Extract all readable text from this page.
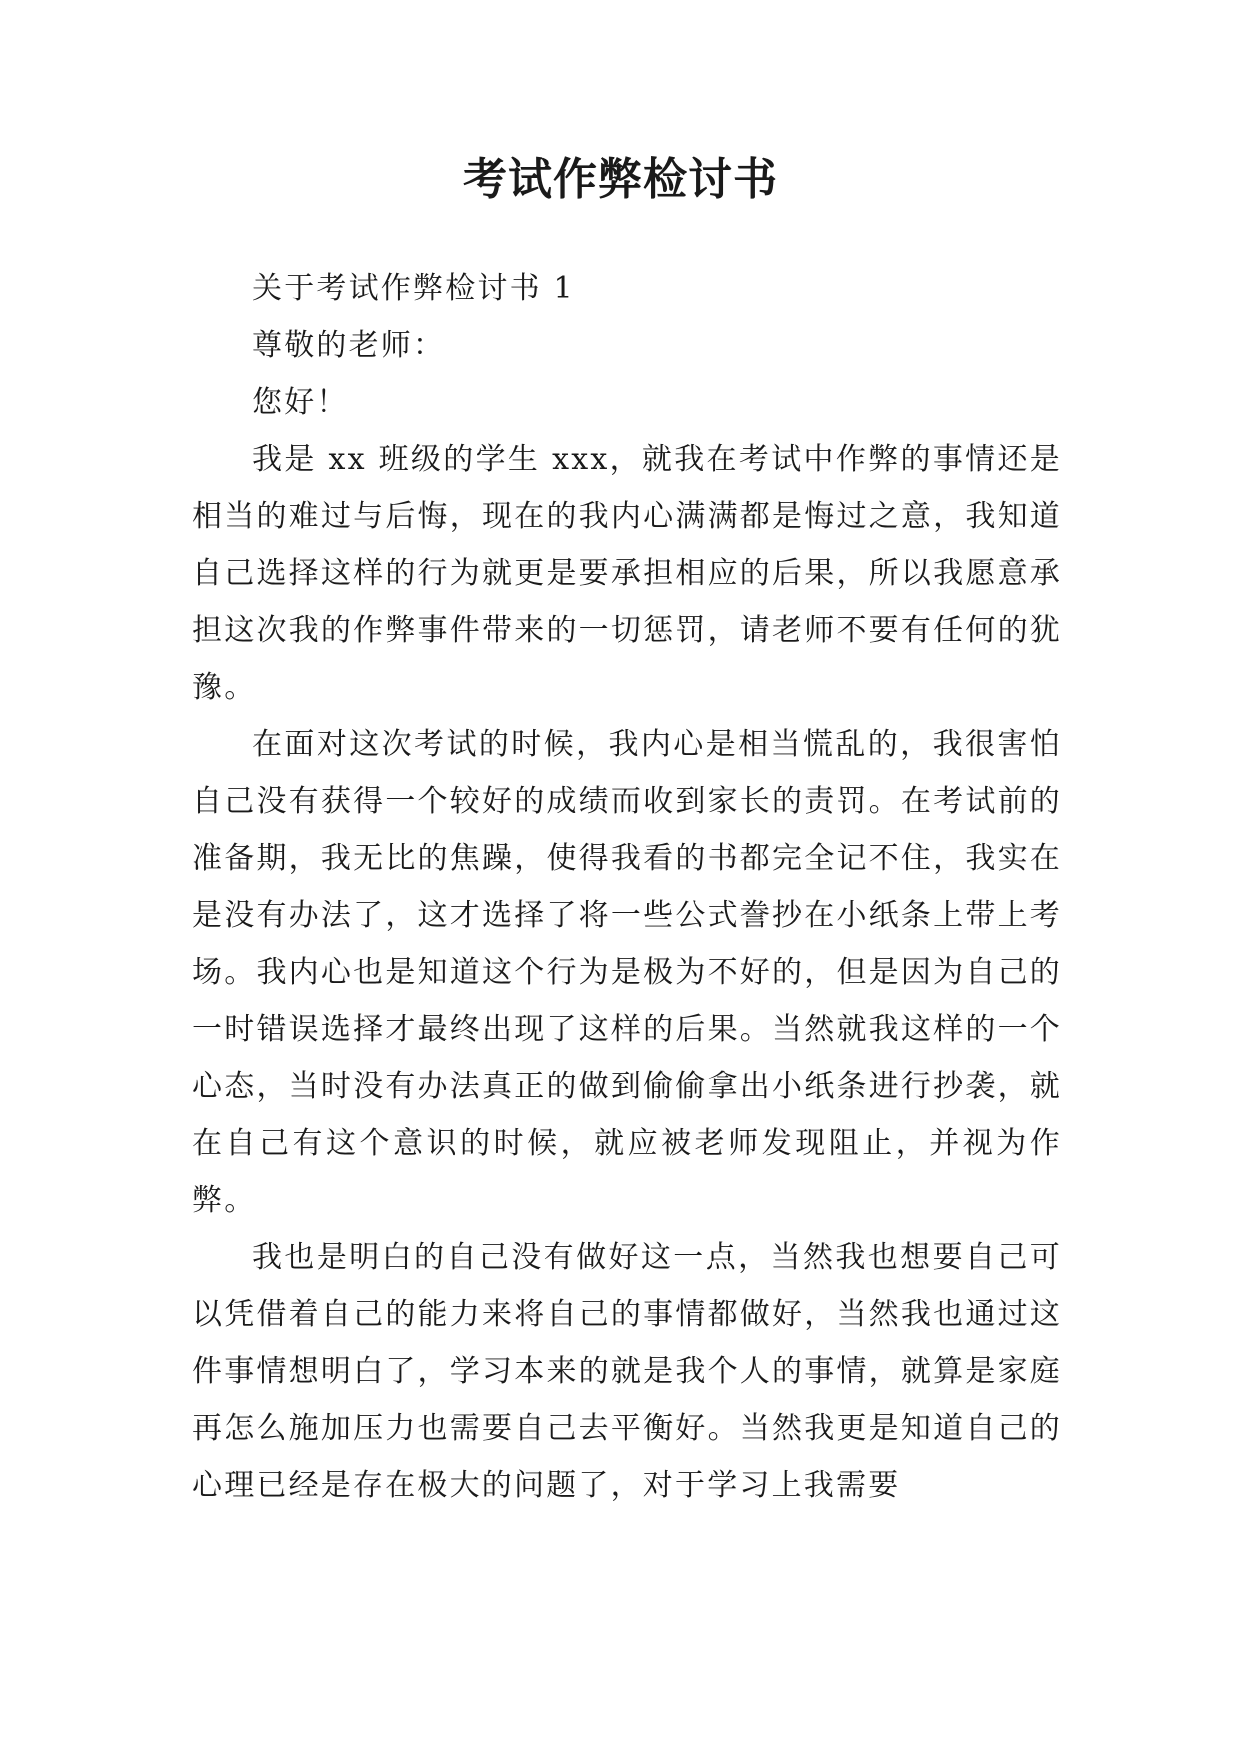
考试作弊检讨书

关于考试作弊检讨书 1

尊敬的老师：

您好！

我是 xx 班级的学生 xxx，就我在考试中作弊的事情还是相当的难过与后悔，现在的我内心满满都是悔过之意，我知道自己选择这样的行为就更是要承担相应的后果，所以我愿意承担这次我的作弊事件带来的一切惩罚，请老师不要有任何的犹豫。

在面对这次考试的时候，我内心是相当慌乱的，我很害怕自己没有获得一个较好的成绩而收到家长的责罚。在考试前的准备期，我无比的焦躁，使得我看的书都完全记不住，我实在是没有办法了，这才选择了将一些公式誊抄在小纸条上带上考场。我内心也是知道这个行为是极为不好的，但是因为自己的一时错误选择才最终出现了这样的后果。当然就我这样的一个心态，当时没有办法真正的做到偷偷拿出小纸条进行抄袭，就在自己有这个意识的时候，就应被老师发现阻止，并视为作弊。

我也是明白的自己没有做好这一点，当然我也想要自己可以凭借着自己的能力来将自己的事情都做好，当然我也通过这件事情想明白了，学习本来的就是我个人的事情，就算是家庭再怎么施加压力也需要自己去平衡好。当然我更是知道自己的心理已经是存在极大的问题了，对于学习上我需要
